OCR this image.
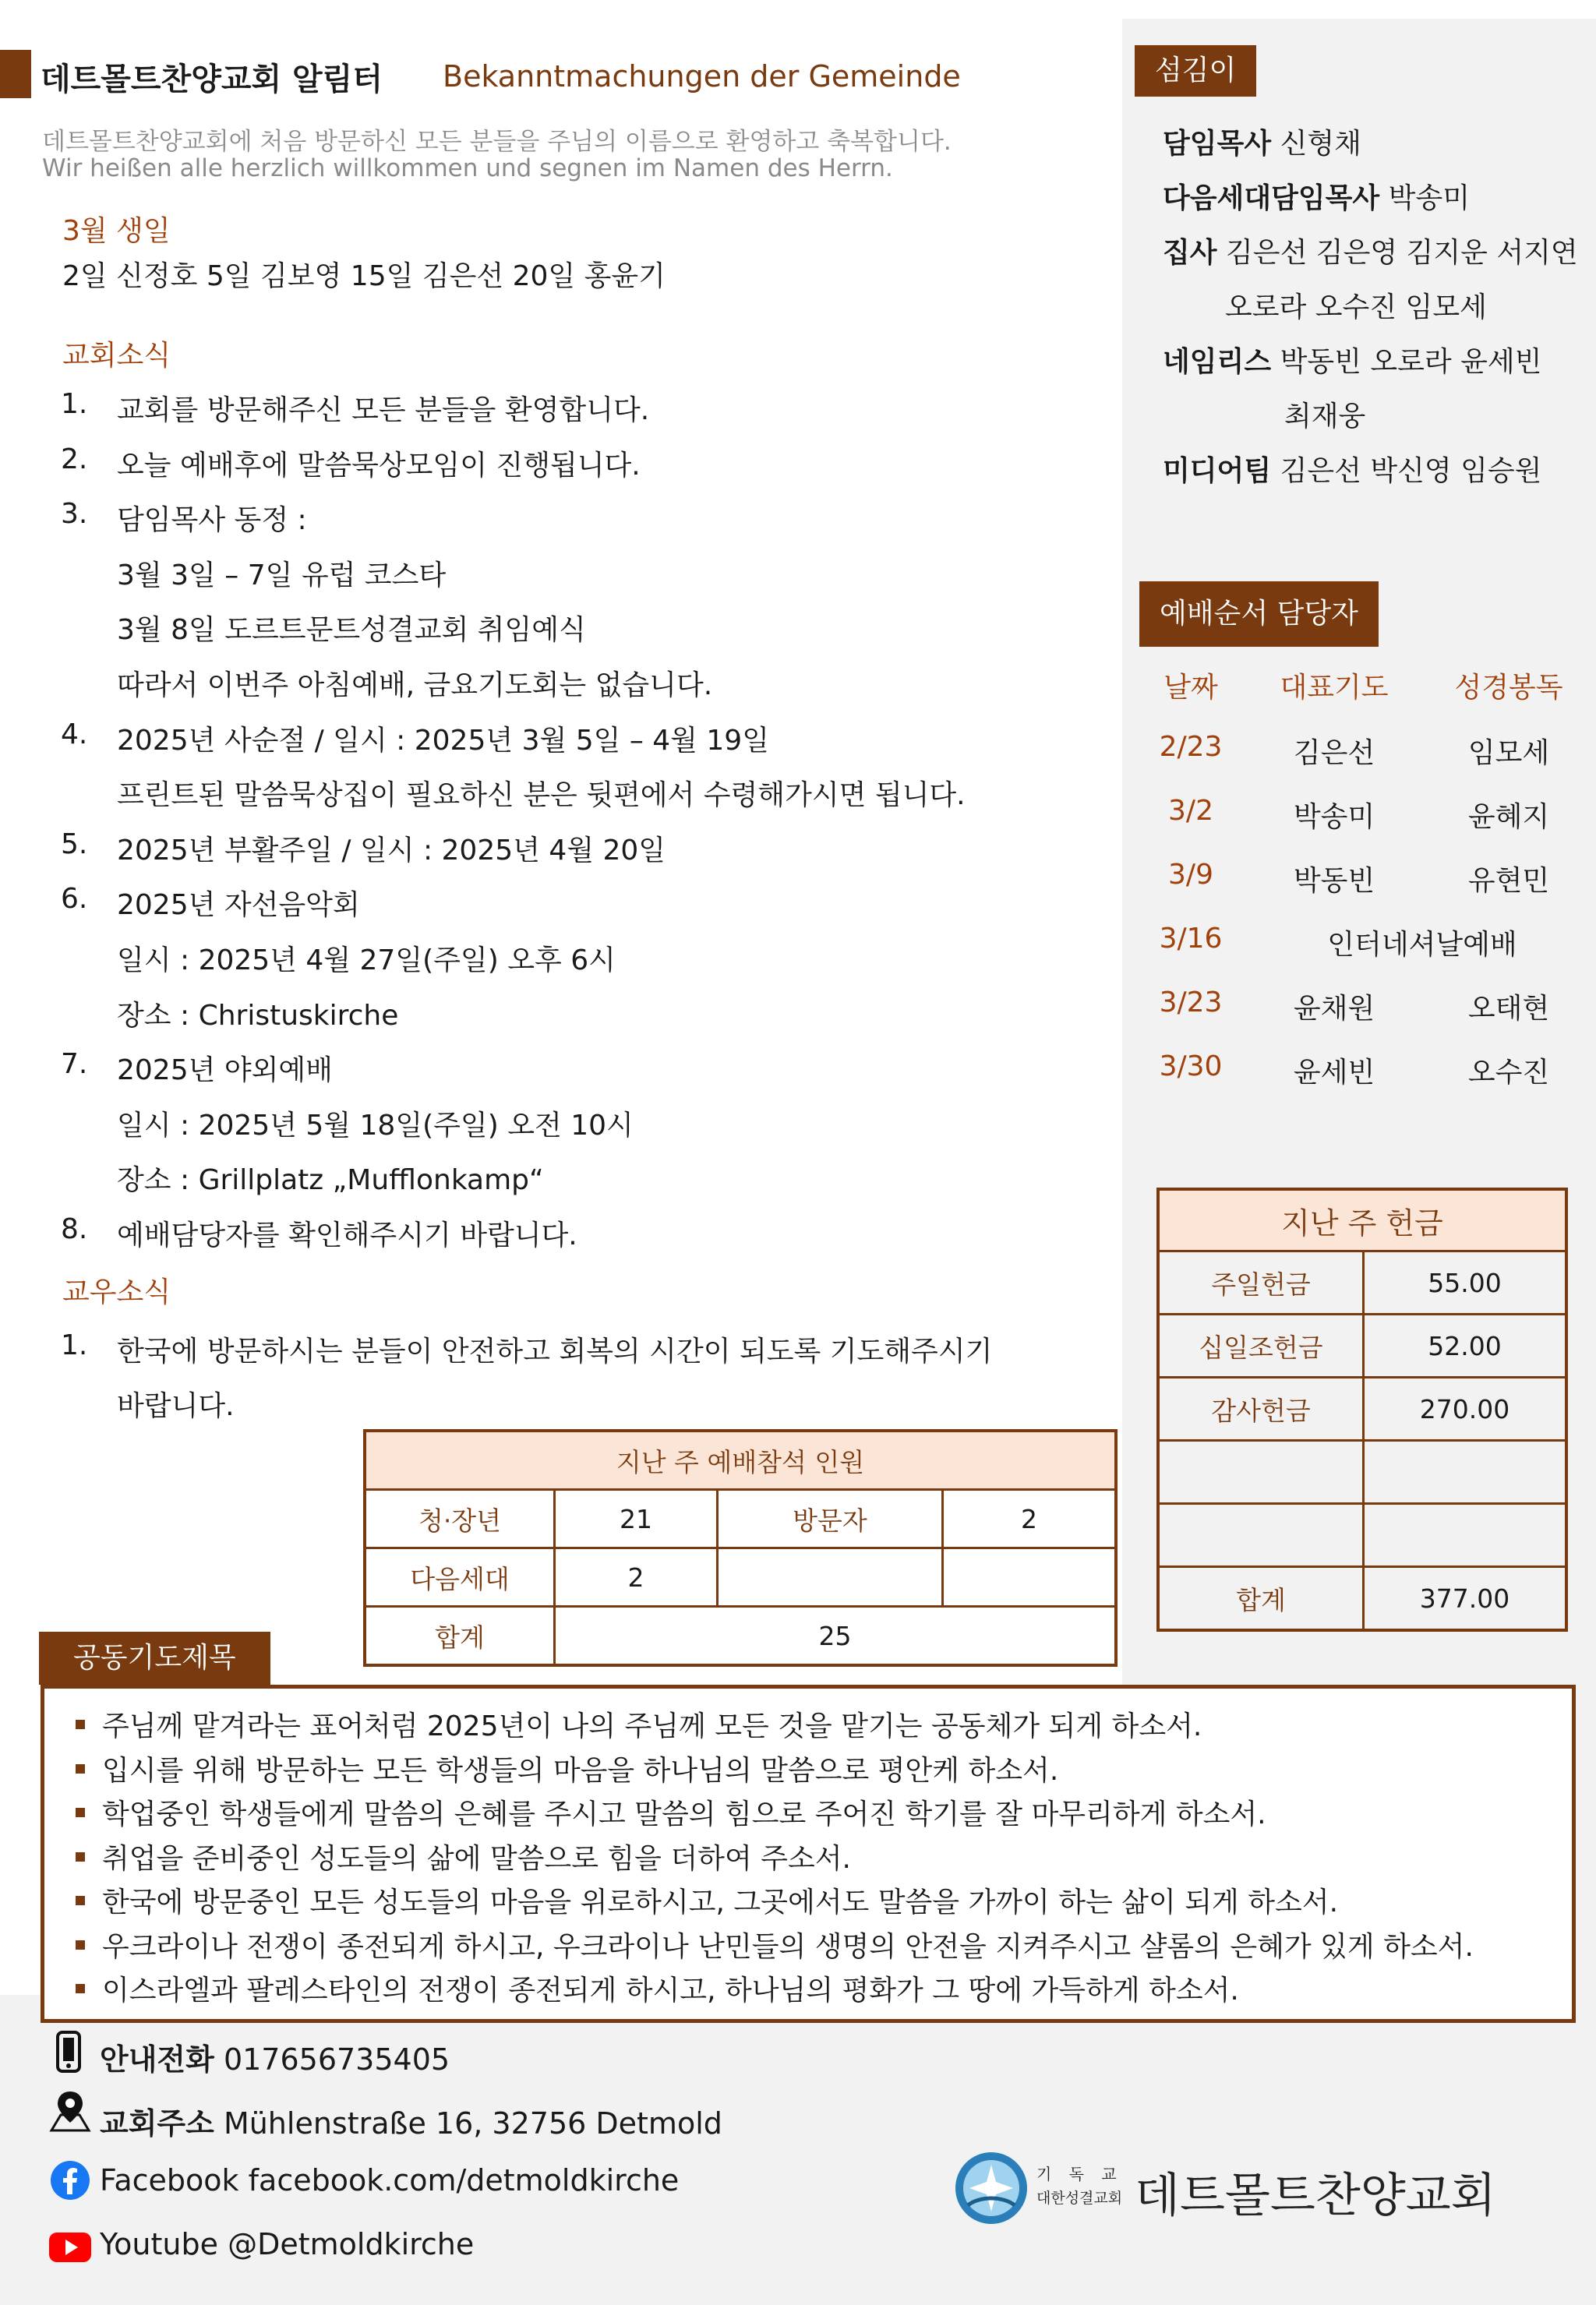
데트몰트찬양교회 알림터 Bekanntmachungen der Gemeinde
데트몰트찬양교회에 처음 방문하신 모든 분들을 주님의 이름으로 환영하고 축복합니다.
Wir heißen alle herzlich willkommen und segnen im Namen des Herrn.
3월 생일
2일 신정호 5일 김보영 15일 김은선 20일 홍윤기
교회소식
1. 교회를 방문해주신 모든 분들을 환영합니다.
2. 오늘 예배후에 말씀묵상모임이 진행됩니다.
3. 담임목사 동정 :
3월 3일 – 7일 유럽 코스타
3월 8일 도르트문트성결교회 취임예식
따라서 이번주 아침예배, 금요기도회는 없습니다.
4. 2025년 사순절 / 일시 : 2025년 3월 5일 – 4월 19일
프린트된 말씀묵상집이 필요하신 분은 뒷편에서 수령해가시면 됩니다.
5. 2025년 부활주일 / 일시 : 2025년 4월 20일
6. 2025년 자선음악회
일시 : 2025년 4월 27일(주일) 오후 6시
장소 : Christuskirche
7. 2025년 야외예배
일시 : 2025년 5월 18일(주일) 오전 10시
장소 : Grillplatz „Mufflonkamp“
8. 예배담당자를 확인해주시기 바랍니다.
교우소식
1. 한국에 방문하시는 분들이 안전하고 회복의 시간이 되도록 기도해주시기
바랍니다.
지난 주 예배참석 인원			
청·장년	21	방문자	2
다음세대	2		
합계	25		
섬김이
담임목사 신형채
다음세대담임목사 박송미
집사 김은선 김은영 김지운 서지연
오로라 오수진 임모세
네임리스 박동빈 오로라 윤세빈
최재웅
미디어팀 김은선 박신영 임승원
예배순서 담당자
날짜	대표기도	성경봉독
2/23	김은선	임모세
3/2	박송미	윤혜지
3/9	박동빈	유현민
3/16	인터네셔날예배
3/23	윤채원	오태현
3/30	윤세빈	오수진
지난 주 헌금	
주일헌금	55.00
십일조헌금	52.00
감사헌금	270.00

합계	377.00
주님께 맡겨라는 표어처럼 2025년이 나의 주님께 모든 것을 맡기는 공동체가 되게 하소서.
입시를 위해 방문하는 모든 학생들의 마음을 하나님의 말씀으로 평안케 하소서.
학업중인 학생들에게 말씀의 은혜를 주시고 말씀의 힘으로 주어진 학기를 잘 마무리하게 하소서.
취업을 준비중인 성도들의 삶에 말씀으로 힘을 더하여 주소서.
한국에 방문중인 모든 성도들의 마음을 위로하시고, 그곳에서도 말씀을 가까이 하는 삶이 되게 하소서.
우크라이나 전쟁이 종전되게 하시고, 우크라이나 난민들의 생명의 안전을 지켜주시고 샬롬의 은혜가 있게 하소서.
이스라엘과 팔레스타인의 전쟁이 종전되게 하시고, 하나님의 평화가 그 땅에 가득하게 하소서.
공동기도제목
안내전화 017656735405
교회주소 Mühlenstraße 16, 32756 Detmold
Facebook facebook.com/detmoldkirche
Youtube @Detmoldkirche
기 독 교
대한성결교회 데트몰트찬양교회
